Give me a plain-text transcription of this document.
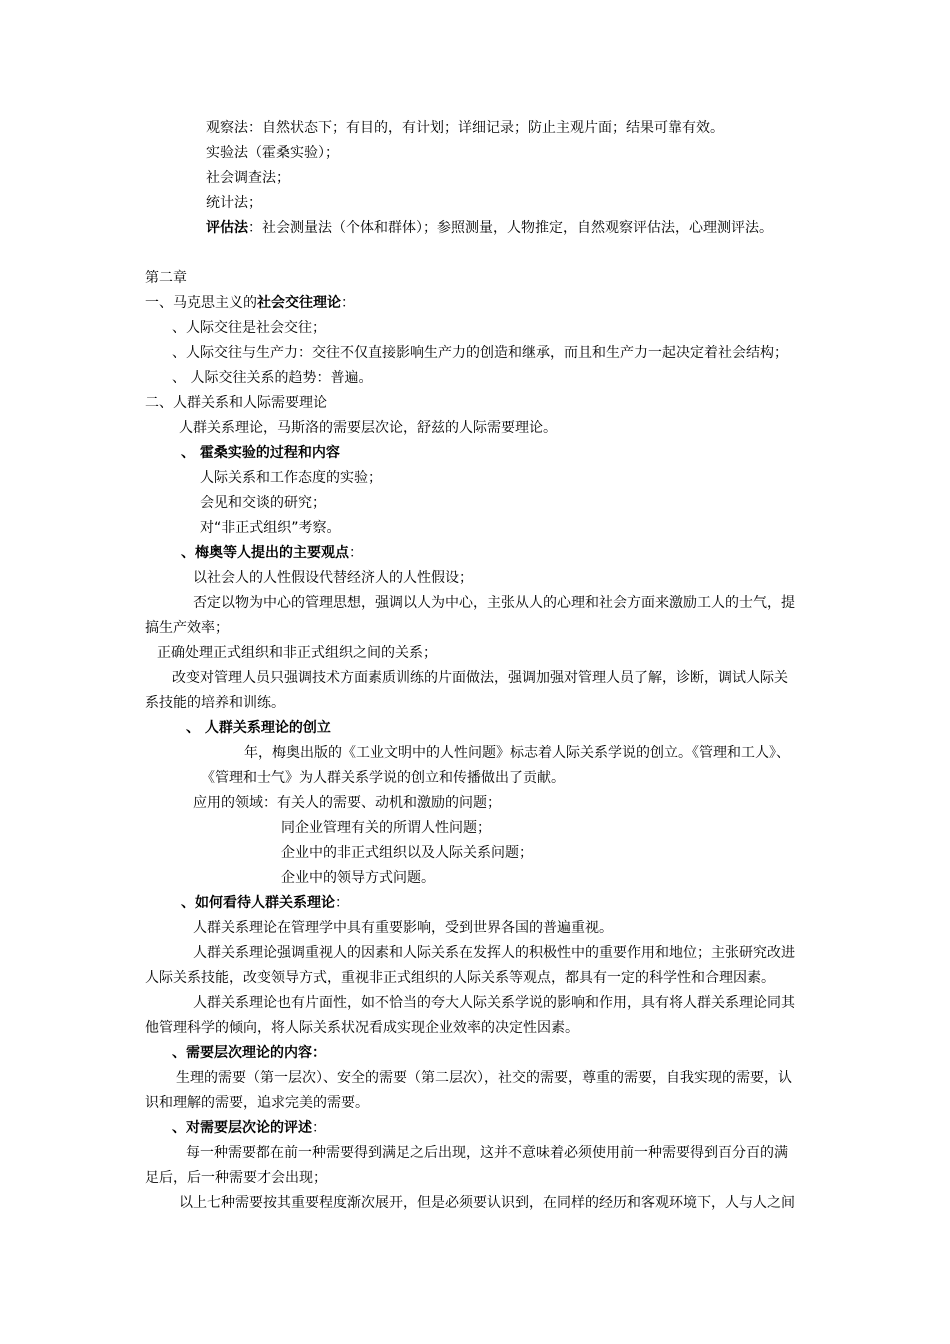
观察法：自然状态下；有目的，有计划；详细记录；防止主观片面；结果可靠有效。
实验法（霍桑实验）；
社会调查法；
统计法；
评估法：社会测量法（个体和群体）；参照测量，人物推定，自然观察评估法，心理测评法。
第二章
一、马克思主义的社会交往理论：
、人际交往是社会交往；
、人际交往与生产力：交往不仅直接影响生产力的创造和继承，而且和生产力一起决定着社会结构；
、 人际交往关系的趋势：普遍。
二、人群关系和人际需要理论
人群关系理论，马斯洛的需要层次论，舒兹的人际需要理论。
、 霍桑实验的过程和内容
人际关系和工作态度的实验；
会见和交谈的研究；
对“非正式组织”考察。
、梅奥等人提出的主要观点：
以社会人的人性假设代替经济人的人性假设；
否定以物为中心的管理思想，强调以人为中心，主张从人的心理和社会方面来激励工人的士气，提
搞生产效率；
正确处理正式组织和非正式组织之间的关系；
改变对管理人员只强调技术方面素质训练的片面做法，强调加强对管理人员了解，诊断，调试人际关
系技能的培养和训练。
、 人群关系理论的创立
年，梅奥出版的《工业文明中的人性问题》标志着人际关系学说的创立。《管理和工人》、
《管理和士气》为人群关系学说的创立和传播做出了贡献。
应用的领域：有关人的需要、动机和激励的问题；
同企业管理有关的所谓人性问题；
企业中的非正式组织以及人际关系问题；
企业中的领导方式问题。
、如何看待人群关系理论：
人群关系理论在管理学中具有重要影响，受到世界各国的普遍重视。
人群关系理论强调重视人的因素和人际关系在发挥人的积极性中的重要作用和地位；主张研究改进
人际关系技能，改变领导方式，重视非正式组织的人际关系等观点，都具有一定的科学性和合理因素。
人群关系理论也有片面性，如不恰当的夸大人际关系学说的影响和作用，具有将人群关系理论同其
他管理科学的倾向，将人际关系状况看成实现企业效率的决定性因素。
、需要层次理论的内容：
生理的需要（第一层次）、安全的需要（第二层次），社交的需要，尊重的需要，自我实现的需要，认
识和理解的需要，追求完美的需要。
、对需要层次论的评述：
每一种需要都在前一种需要得到满足之后出现，这并不意味着必须使用前一种需要得到百分百的满
足后，后一种需要才会出现；
以上七种需要按其重要程度渐次展开，但是必须要认识到，在同样的经历和客观环境下，人与人之间
